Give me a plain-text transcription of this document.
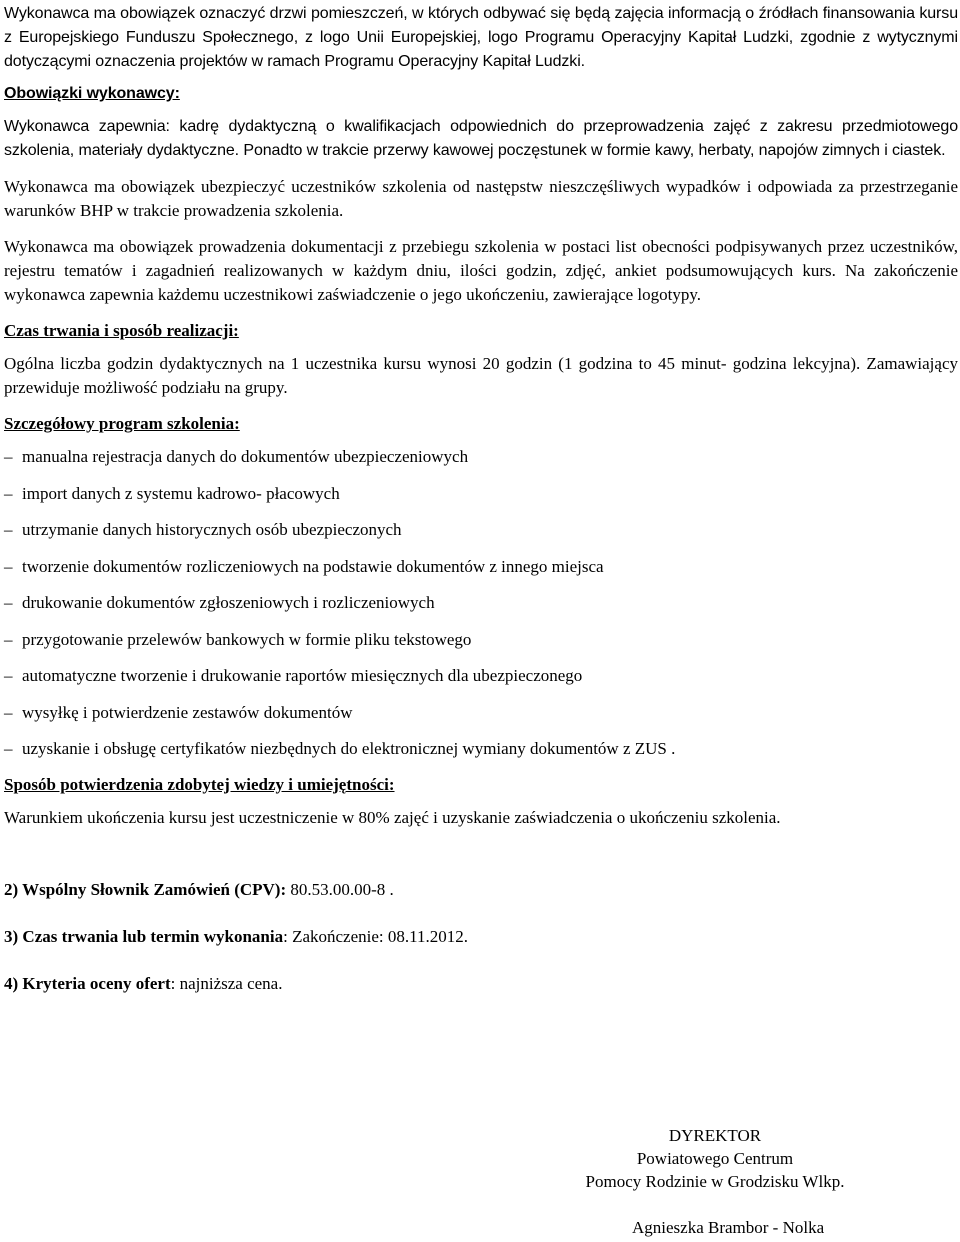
Wykonawca ma obowiązek oznaczyć drzwi pomieszczeń, w których odbywać się będą zajęcia informacją o źródłach finansowania kursu z Europejskiego Funduszu Społecznego, z logo Unii Europejskiej, logo Programu Operacyjny Kapitał Ludzki, zgodnie z wytycznymi dotyczącymi oznaczenia projektów w ramach Programu Operacyjny Kapitał Ludzki.

Obowiązki wykonawcy:

Wykonawca zapewnia: kadrę dydaktyczną o kwalifikacjach odpowiednich do przeprowadzenia zajęć z zakresu przedmiotowego szkolenia, materiały dydaktyczne. Ponadto w trakcie przerwy kawowej poczęstunek w formie kawy, herbaty, napojów zimnych i ciastek.

Wykonawca ma obowiązek ubezpieczyć uczestników szkolenia od następstw nieszczęśliwych wypadków i odpowiada za przestrzeganie warunków BHP w trakcie prowadzenia szkolenia.

Wykonawca ma obowiązek prowadzenia dokumentacji z przebiegu szkolenia w postaci list obecności podpisywanych przez uczestników, rejestru tematów i zagadnień realizowanych w każdym dniu, ilości godzin, zdjęć, ankiet podsumowujących kurs. Na zakończenie wykonawca zapewnia każdemu uczestnikowi zaświadczenie o jego ukończeniu, zawierające logotypy.

Czas trwania i sposób realizacji:

Ogólna liczba godzin dydaktycznych na 1 uczestnika kursu wynosi 20 godzin (1 godzina to 45 minut- godzina lekcyjna). Zamawiający przewiduje możliwość podziału na grupy.

Szczegółowy program szkolenia:

– manualna rejestracja danych do dokumentów ubezpieczeniowych
– import danych z systemu kadrowo- płacowych
– utrzymanie danych historycznych osób ubezpieczonych
– tworzenie dokumentów rozliczeniowych na podstawie dokumentów z innego miejsca
– drukowanie dokumentów zgłoszeniowych i rozliczeniowych
– przygotowanie przelewów bankowych w formie pliku tekstowego
– automatyczne tworzenie i drukowanie raportów miesięcznych dla ubezpieczonego
– wysyłkę i potwierdzenie zestawów dokumentów
– uzyskanie i obsługę certyfikatów niezbędnych do elektronicznej wymiany dokumentów z ZUS .

Sposób potwierdzenia zdobytej wiedzy i umiejętności:

Warunkiem ukończenia kursu jest uczestniczenie w 80% zajęć i uzyskanie zaświadczenia o ukończeniu szkolenia.

2) Wspólny Słownik Zamówień (CPV): 80.53.00.00-8 .

3) Czas trwania lub termin wykonania: Zakończenie: 08.11.2012.

4) Kryteria oceny ofert: najniższa cena.

DYREKTOR
Powiatowego Centrum
Pomocy Rodzinie w Grodzisku Wlkp.
Agnieszka Brambor - Nolka
